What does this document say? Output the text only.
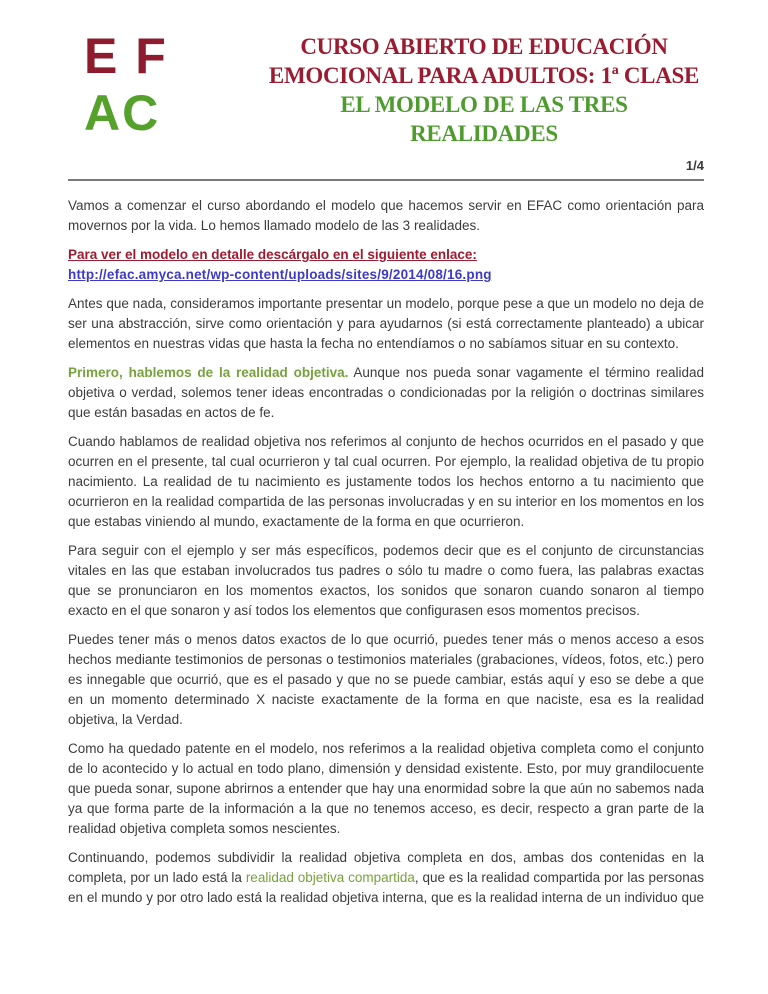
E F
AC
CURSO ABIERTO DE EDUCACIÓN
EMOCIONAL PARA ADULTOS: 1ª CLASE
EL MODELO DE LAS TRES
REALIDADES
1/4

Vamos a comenzar el curso abordando el modelo que hacemos servir en EFAC como orientación para movernos por la vida. Lo hemos llamado modelo de las 3 realidades.

Para ver el modelo en detalle descárgalo en el siguiente enlace:
http://efac.amyca.net/wp-content/uploads/sites/9/2014/08/16.png

Antes que nada, consideramos importante presentar un modelo, porque pese a que un modelo no deja de ser una abstracción, sirve como orientación y para ayudarnos (si está correctamente planteado) a ubicar elementos en nuestras vidas que hasta la fecha no entendíamos o no sabíamos situar en su contexto.

Primero, hablemos de la realidad objetiva. Aunque nos pueda sonar vagamente el término realidad objetiva o verdad, solemos tener ideas encontradas o condicionadas por la religión o doctrinas similares que están basadas en actos de fe.

Cuando hablamos de realidad objetiva nos referimos al conjunto de hechos ocurridos en el pasado y que ocurren en el presente, tal cual ocurrieron y tal cual ocurren. Por ejemplo, la realidad objetiva de tu propio nacimiento. La realidad de tu nacimiento es justamente todos los hechos entorno a tu nacimiento que ocurrieron en la realidad compartida de las personas involucradas y en su interior en los momentos en los que estabas viniendo al mundo, exactamente de la forma en que ocurrieron.

Para seguir con el ejemplo y ser más específicos, podemos decir que es el conjunto de circunstancias vitales en las que estaban involucrados tus padres o sólo tu madre o como fuera, las palabras exactas que se pronunciaron en los momentos exactos, los sonidos que sonaron cuando sonaron al tiempo exacto en el que sonaron y así todos los elementos que configurasen esos momentos precisos.

Puedes tener más o menos datos exactos de lo que ocurrió, puedes tener más o menos acceso a esos hechos mediante testimonios de personas o testimonios materiales (grabaciones, vídeos, fotos, etc.) pero es innegable que ocurrió, que es el pasado y que no se puede cambiar, estás aquí y eso se debe a que en un momento determinado X naciste exactamente de la forma en que naciste, esa es la realidad objetiva, la Verdad.

Como ha quedado patente en el modelo, nos referimos a la realidad objetiva completa como el conjunto de lo acontecido y lo actual en todo plano, dimensión y densidad existente. Esto, por muy grandilocuente que pueda sonar, supone abrirnos a entender que hay una enormidad sobre la que aún no sabemos nada ya que forma parte de la información a la que no tenemos acceso, es decir, respecto a gran parte de la realidad objetiva completa somos nescientes.

Continuando, podemos subdividir la realidad objetiva completa en dos, ambas dos contenidas en la completa, por un lado está la realidad objetiva compartida, que es la realidad compartida por las personas en el mundo y por otro lado está la realidad objetiva interna, que es la realidad interna de un individuo que
